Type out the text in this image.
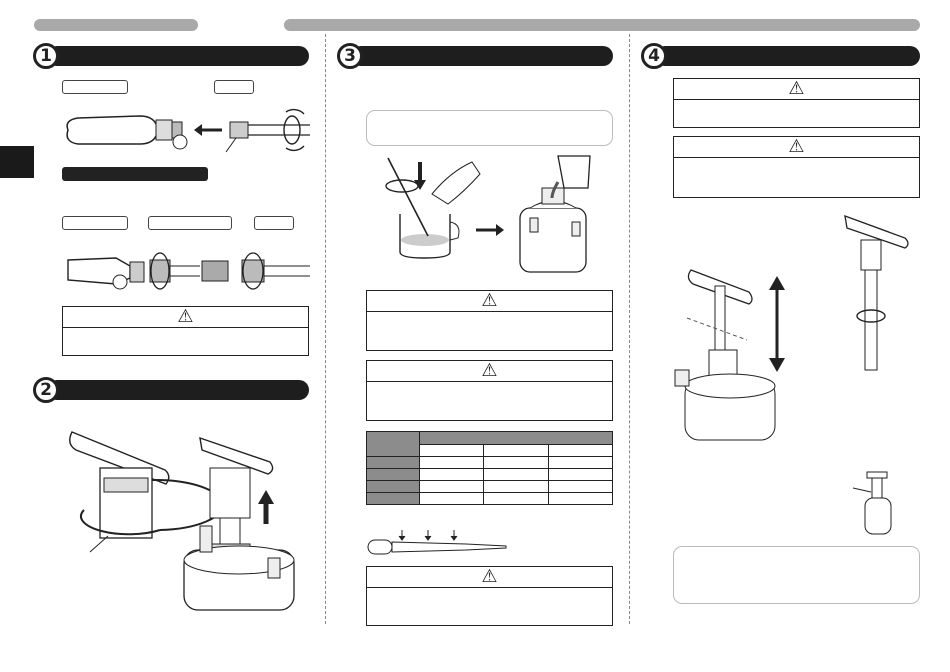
1
⚠
2
3
⚠
⚠

⚠
4
⚠
⚠
